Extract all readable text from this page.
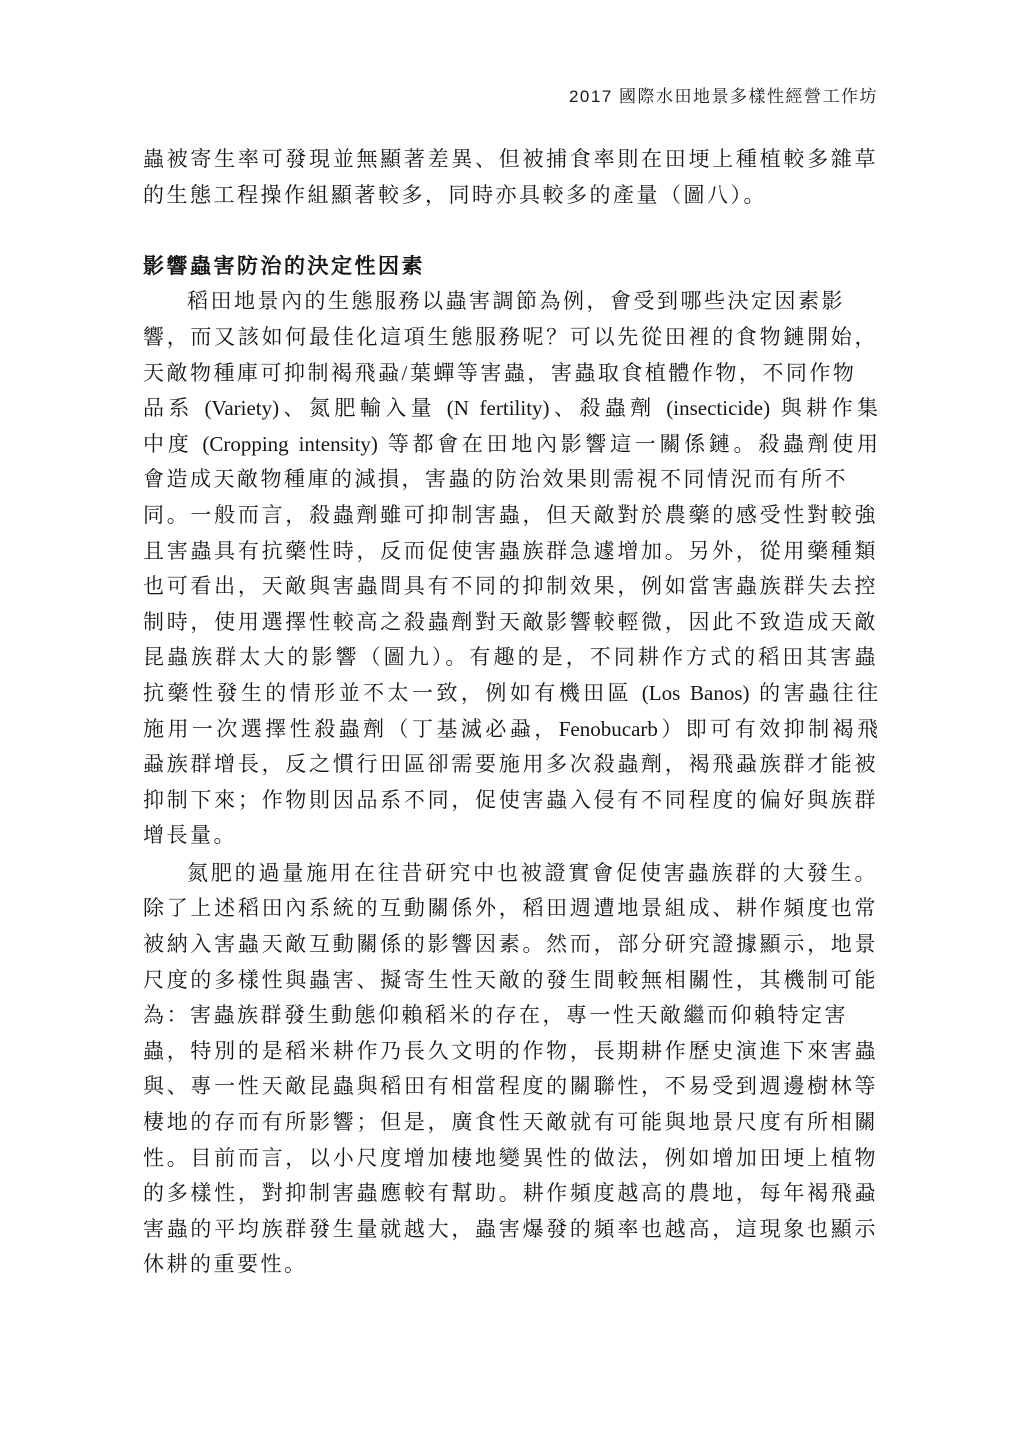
2017 國際水田地景多樣性經營工作坊
蟲被寄生率可發現並無顯著差異、但被捕食率則在田埂上種植較多雜草
的生態工程操作組顯著較多，同時亦具較多的產量（圖八）。
影響蟲害防治的決定性因素
稻田地景內的生態服務以蟲害調節為例，會受到哪些決定因素影
響，而又該如何最佳化這項生態服務呢？可以先從田裡的食物鏈開始，
天敵物種庫可抑制褐飛蝨/葉蟬等害蟲，害蟲取食植體作物，不同作物
品系 (Variety)、氮肥輸入量 (N fertility)、殺蟲劑 (insecticide) 與耕作集
中度 (Cropping intensity) 等都會在田地內影響這一關係鏈。殺蟲劑使用
會造成天敵物種庫的減損，害蟲的防治效果則需視不同情況而有所不
同。一般而言，殺蟲劑雖可抑制害蟲，但天敵對於農藥的感受性對較強
且害蟲具有抗藥性時，反而促使害蟲族群急遽增加。另外，從用藥種類
也可看出，天敵與害蟲間具有不同的抑制效果，例如當害蟲族群失去控
制時，使用選擇性較高之殺蟲劑對天敵影響較輕微，因此不致造成天敵
昆蟲族群太大的影響（圖九）。有趣的是，不同耕作方式的稻田其害蟲
抗藥性發生的情形並不太一致，例如有機田區 (Los Banos) 的害蟲往往
施用一次選擇性殺蟲劑（丁基滅必蝨，Fenobucarb）即可有效抑制褐飛
蝨族群增長，反之慣行田區卻需要施用多次殺蟲劑，褐飛蝨族群才能被
抑制下來；作物則因品系不同，促使害蟲入侵有不同程度的偏好與族群
增長量。
氮肥的過量施用在往昔研究中也被證實會促使害蟲族群的大發生。
除了上述稻田內系統的互動關係外，稻田週遭地景組成、耕作頻度也常
被納入害蟲天敵互動關係的影響因素。然而，部分研究證據顯示，地景
尺度的多樣性與蟲害、擬寄生性天敵的發生間較無相關性，其機制可能
為：害蟲族群發生動態仰賴稻米的存在，專一性天敵繼而仰賴特定害
蟲，特別的是稻米耕作乃長久文明的作物，長期耕作歷史演進下來害蟲
與、專一性天敵昆蟲與稻田有相當程度的關聯性，不易受到週邊樹林等
棲地的存而有所影響；但是，廣食性天敵就有可能與地景尺度有所相關
性。目前而言，以小尺度增加棲地變異性的做法，例如增加田埂上植物
的多樣性，對抑制害蟲應較有幫助。耕作頻度越高的農地，每年褐飛蝨
害蟲的平均族群發生量就越大，蟲害爆發的頻率也越高，這現象也顯示
休耕的重要性。
